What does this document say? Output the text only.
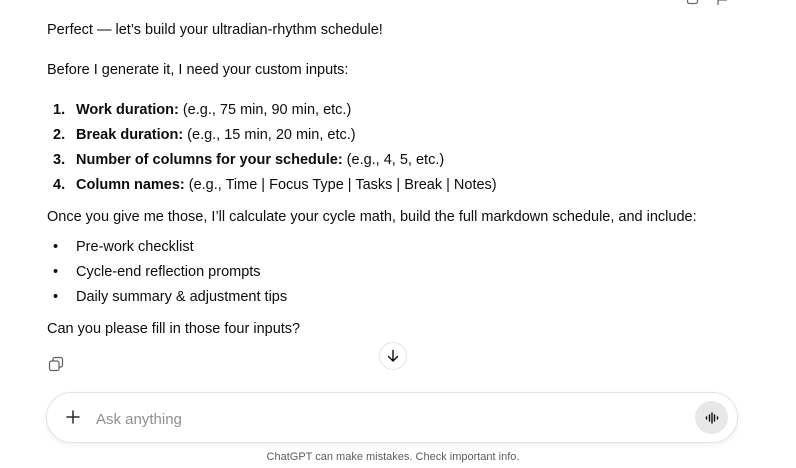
Perfect — let’s build your ultradian-rhythm schedule!
Before I generate it, I need your custom inputs:
1. Work duration: (e.g., 75 min, 90 min, etc.)
2. Break duration: (e.g., 15 min, 20 min, etc.)
3. Number of columns for your schedule: (e.g., 4, 5, etc.)
4. Column names: (e.g., Time | Focus Type | Tasks | Break | Notes)
Once you give me those, I’ll calculate your cycle math, build the full markdown schedule, and include:
•	Pre-work checklist
•	Cycle-end reflection prompts
•	Daily summary & adjustment tips
Can you please fill in those four inputs?
Ask anything
ChatGPT can make mistakes. Check important info.
